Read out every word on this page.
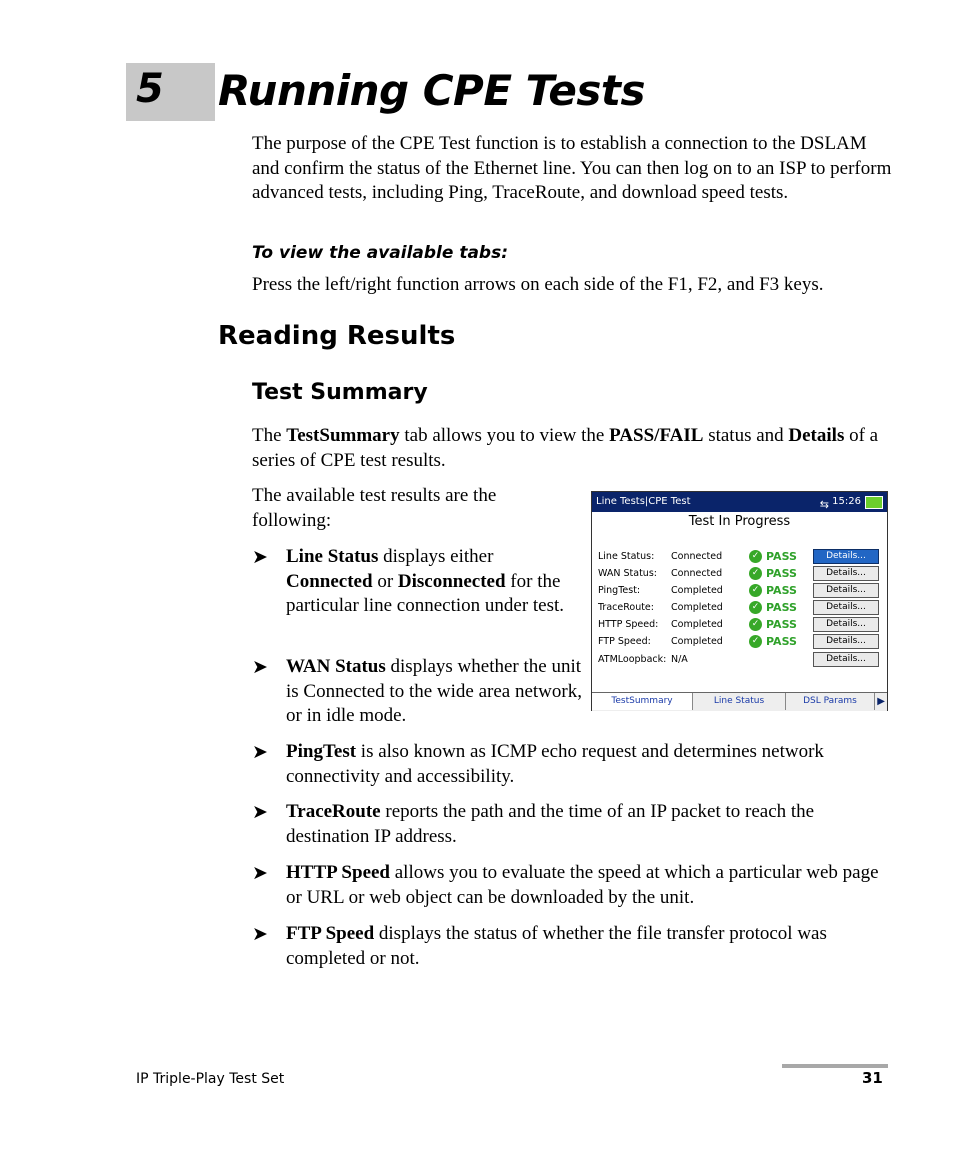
5 Running CPE Tests
The purpose of the CPE Test function is to establish a connection to the DSLAM and confirm the status of the Ethernet line. You can then log on to an ISP to perform advanced tests, including Ping, TraceRoute, and download speed tests.
To view the available tabs:
Press the left/right function arrows on each side of the F1, F2, and F3 keys.
Reading Results
Test Summary
The TestSummary tab allows you to view the PASS/FAIL status and Details of a series of CPE test results.
The available test results are the following:
➤ Line Status displays either Connected or Disconnected for the particular line connection under test.
➤ WAN Status displays whether the unit is Connected to the wide area network, or in idle mode.
➤ PingTest is also known as ICMP echo request and determines network connectivity and accessibility.
➤ TraceRoute reports the path and the time of an IP packet to reach the destination IP address.
➤ HTTP Speed allows you to evaluate the speed at which a particular web page or URL or web object can be downloaded by the unit.
➤ FTP Speed displays the status of whether the file transfer protocol was completed or not.
Line Tests|CPE Test	⇆ 15:26
Test In Progress
Line Status: Connected	✓ PASS	Details...
WAN Status: Connected	✓ PASS	Details...
PingTest:	Completed	✓ PASS	Details...
TraceRoute: Completed	✓ PASS	Details...
HTTP Speed: Completed	✓ PASS	Details...
FTP Speed: Completed	✓ PASS	Details...
ATMLoopback: N/A	Details...
TestSummary	Line Status	DSL Params	▶
IP Triple-Play Test Set	31
